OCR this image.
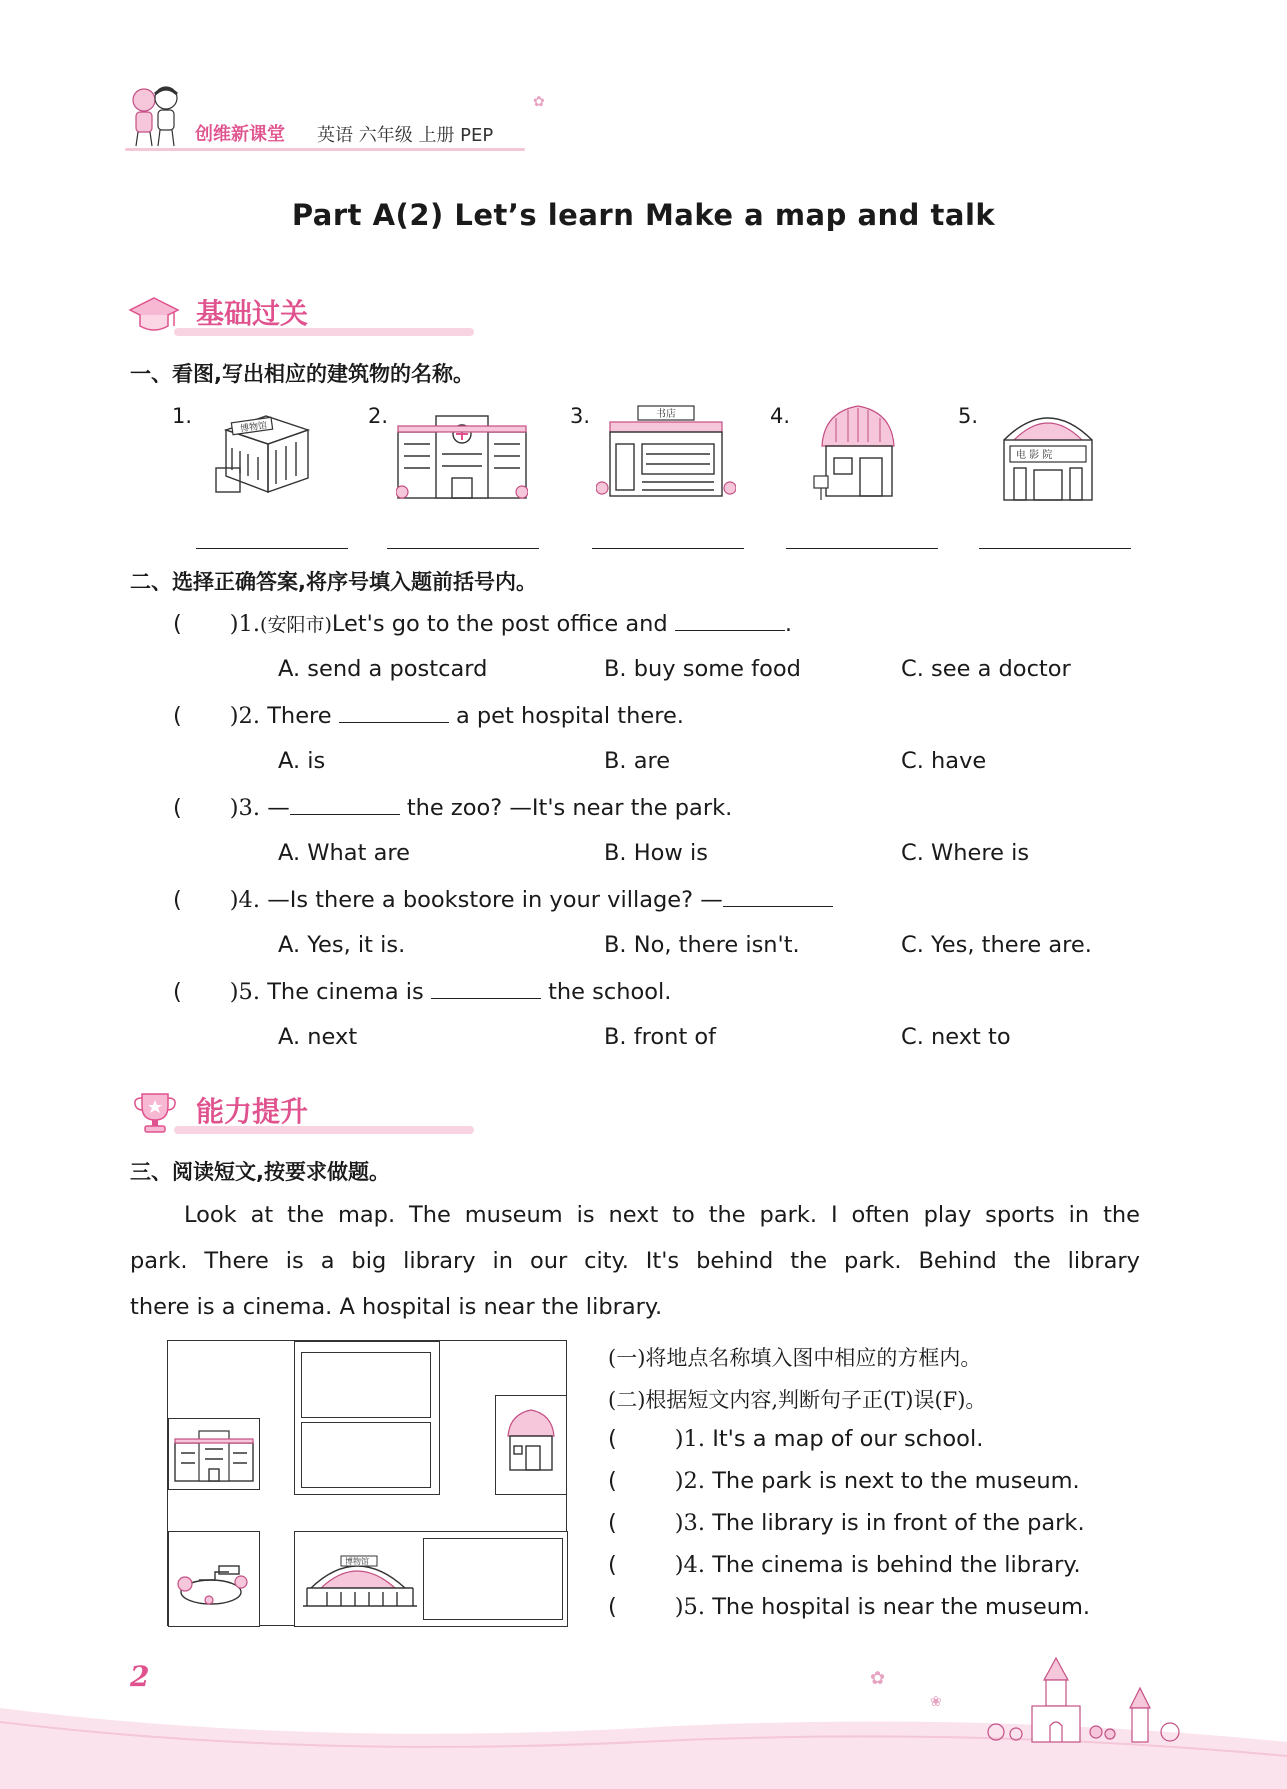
创维新课堂 英语 六年级 上册 PEP
✿
Part A(2) Let’s learn Make a map and talk
基础过关
一、看图,写出相应的建筑物的名称。
1.	2.	3.	4.	5.
博物馆
书店
电 影 院
二、选择正确答案,将序号填入题前括号内。
( )1.(安阳市)Let's go to the post office and	.
A. send a postcard	B. buy some food	C. see a doctor
( )2. There	a pet hospital there.
A. is	B. are	C. have
( )3. —	the zoo? —It's near the park.
A. What are	B. How is	C. Where is
( )4. —Is there a bookstore in your village? —
A. Yes, it is.	B. No, there isn't.	C. Yes, there are.
( )5. The cinema is	the school.
A. next	B. front of	C. next to
能力提升
三、阅读短文,按要求做题。
Look at the map. The museum is next to the park. I often play sports in the
park. There is a big library in our city. It's behind the park. Behind the library
there is a cinema. A hospital is near the library.
博物馆
(一)将地点名称填入图中相应的方框内。
(二)根据短文内容,判断句子正(T)误(F)。
(	)1. It's a map of our school.
(	)2. The park is next to the museum.
(	)3. The library is in front of the park.
(	)4. The cinema is behind the library.
(	)5. The hospital is near the museum.
✿
❀
2
